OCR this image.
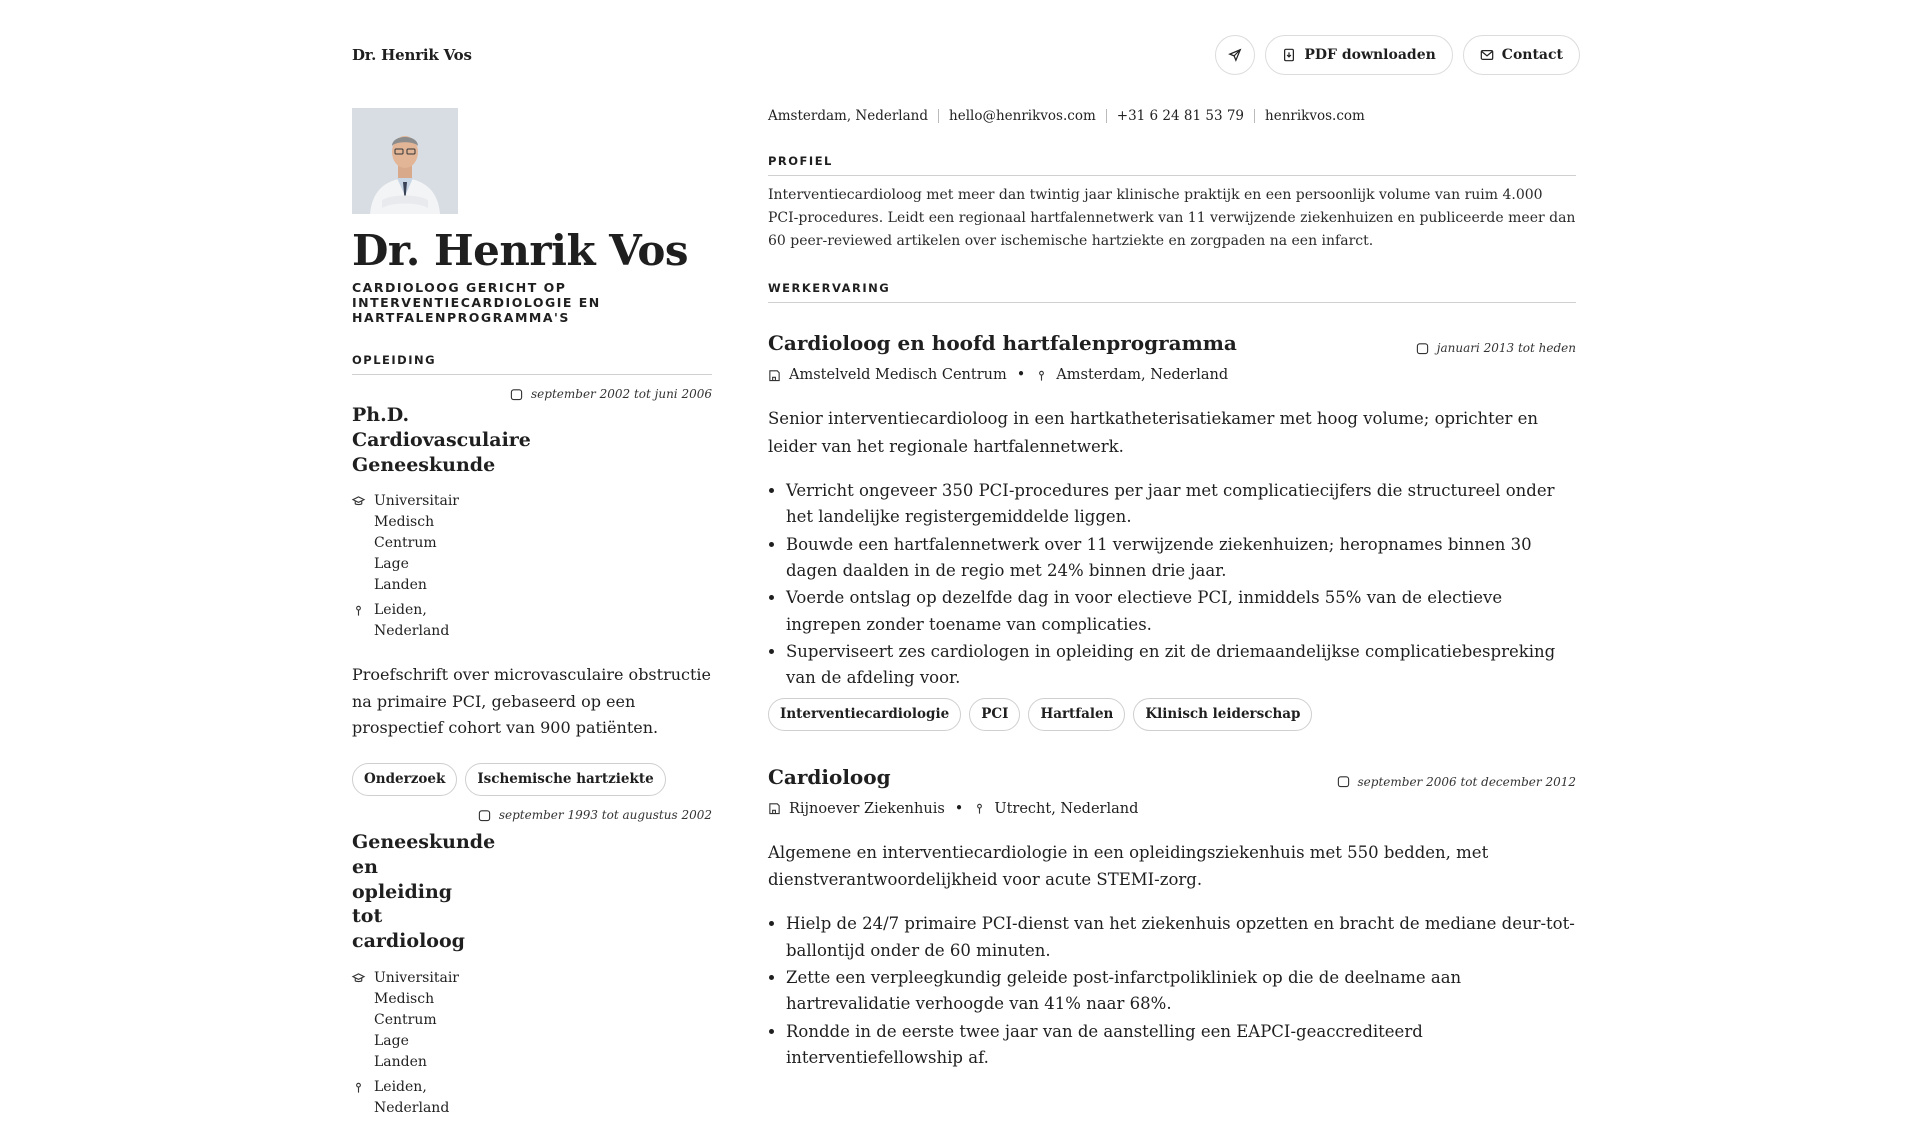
Dr. Henrik Vos	PDF downloaden	Contact
Dr. Henrik Vos
CARDIOLOOG GERICHT OP INTERVENTIECARDIOLOGIE EN HARTFALENPROGRAMMA'S
OPLEIDING
september 2002 tot juni 2006
Ph.D. Cardiovasculaire Geneeskunde
Universitair Medisch Centrum Lage Landen
Leiden, Nederland
Proefschrift over microvasculaire obstructie na primaire PCI, gebaseerd op een prospectief cohort van 900 patiënten.
Onderzoek	Ischemische hartziekte
september 1993 tot augustus 2002
Geneeskunde en opleiding tot cardioloog
Universitair Medisch Centrum Lage Landen
Leiden, Nederland
Amsterdam, Nederland hello@henrikvos.com +31 6 24 81 53 79 henrikvos.com
PROFIEL
Interventiecardioloog met meer dan twintig jaar klinische praktijk en een persoonlijk volume van ruim 4.000 PCI-procedures. Leidt een regionaal hartfalennetwerk van 11 verwijzende ziekenhuizen en publiceerde meer dan 60 peer-reviewed artikelen over ischemische hartziekte en zorgpaden na een infarct.
WERKERVARING
Cardioloog en hoofd hartfalenprogramma	januari 2013 tot heden
Amstelveld Medisch Centrum • Amsterdam, Nederland
Senior interventiecardioloog in een hartkatheterisatiekamer met hoog volume; oprichter en leider van het regionale hartfalennetwerk.
• Verricht ongeveer 350 PCI-procedures per jaar met complicatiecijfers die structureel onder het landelijke registergemiddelde liggen.
• Bouwde een hartfalennetwerk over 11 verwijzende ziekenhuizen; heropnames binnen 30 dagen daalden in de regio met 24% binnen drie jaar.
• Voerde ontslag op dezelfde dag in voor electieve PCI, inmiddels 55% van de electieve ingrepen zonder toename van complicaties.
• Superviseert zes cardiologen in opleiding en zit de driemaandelijkse complicatiebespreking van de afdeling voor.
Interventiecardiologie	PCI	Hartfalen	Klinisch leiderschap
Cardioloog	september 2006 tot december 2012
Rijnoever Ziekenhuis • Utrecht, Nederland
Algemene en interventiecardiologie in een opleidingsziekenhuis met 550 bedden, met dienstverantwoordelijkheid voor acute STEMI-zorg.
• Hielp de 24/7 primaire PCI-dienst van het ziekenhuis opzetten en bracht de mediane deur-tot-ballontijd onder de 60 minuten.
• Zette een verpleegkundig geleide post-infarctpolikliniek op die de deelname aan hartrevalidatie verhoogde van 41% naar 68%.
• Rondde in de eerste twee jaar van de aanstelling een EAPCI-geaccrediteerd interventiefellowship af.
